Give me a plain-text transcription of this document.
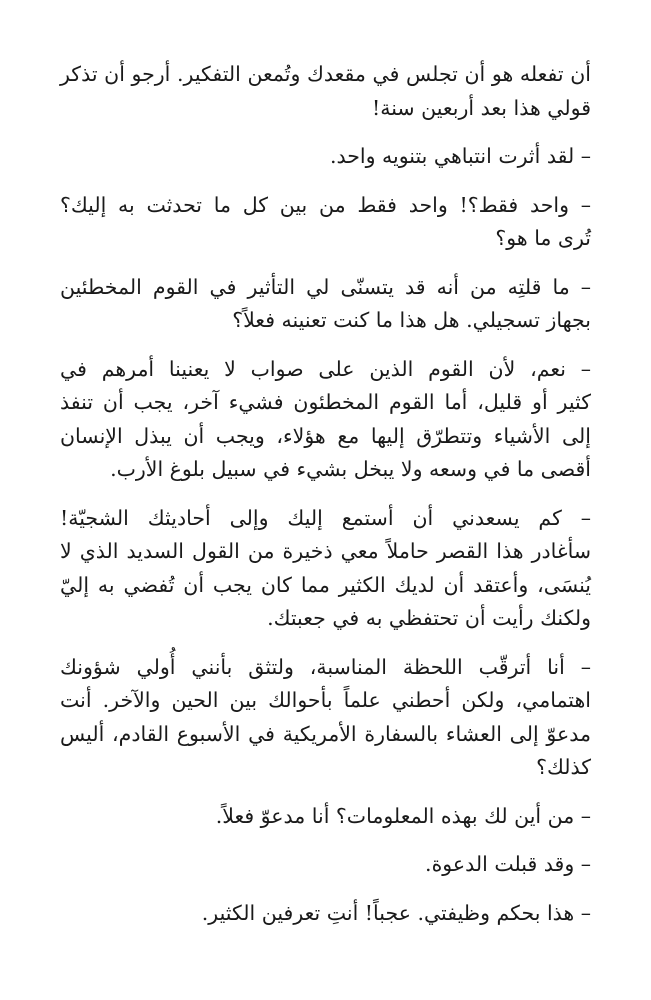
أن تفعله هو أن تجلس في مقعدك وتُمعن التفكير. أرجو أن تذكر
قولي هذا بعد أربعين سنة!

– لقد أثرت انتباهي بتنويه واحد.

– واحد فقط؟! واحد فقط من بين كل ما تحدثت به إليك؟
تُرى ما هو؟

– ما قلتِه من أنه قد يتسنّى لي التأثير في القوم المخطئين
بجهاز تسجيلي. هل هذا ما كنت تعنينه فعلاً؟

– نعم، لأن القوم الذين على صواب لا يعنينا أمرهم في
كثير أو قليل، أما القوم المخطئون فشيء آخر، يجب أن تنفذ
إلى الأشياء وتتطرّق إليها مع هؤلاء، ويجب أن يبذل الإنسان
أقصى ما في وسعه ولا يبخل بشيء في سبيل بلوغ الأرب.

– كم يسعدني أن أستمع إليك وإلى أحاديثك الشجيّة!
سأغادر هذا القصر حاملاً معي ذخيرة من القول السديد الذي لا
يُنسَى، وأعتقد أن لديك الكثير مما كان يجب أن تُفضي به إليّ
ولكنك رأيت أن تحتفظي به في جعبتك.

– أنا أترقّب اللحظة المناسبة، ولتثق بأنني أُولي شؤونك
اهتمامي، ولكن أحطني علماً بأحوالك بين الحين والآخر. أنت
مدعوّ إلى العشاء بالسفارة الأمريكية في الأسبوع القادم، أليس
كذلك؟

– من أين لك بهذه المعلومات؟ أنا مدعوّ فعلاً.

– وقد قبلت الدعوة.

– هذا بحكم وظيفتي. عجباً! أنتِ تعرفين الكثير.
